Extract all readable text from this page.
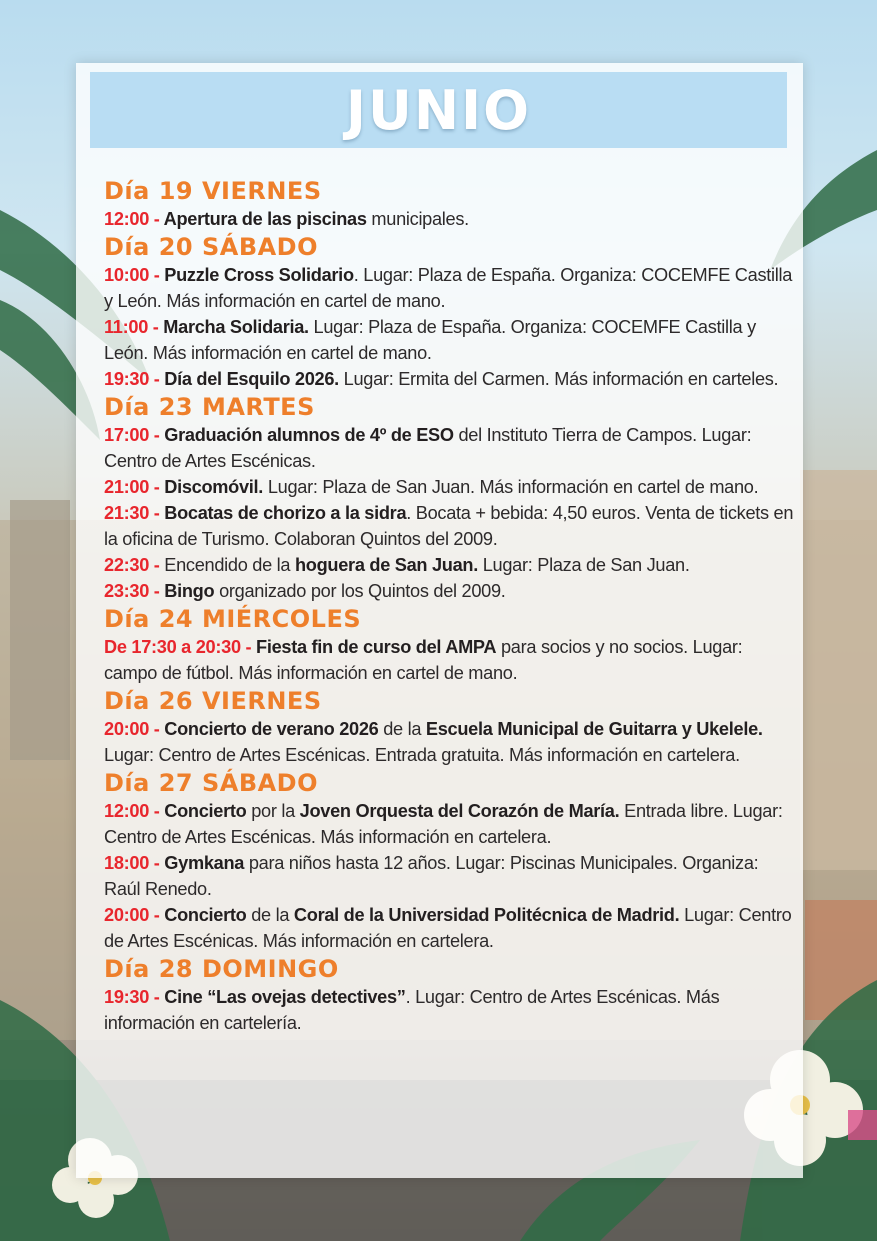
JUNIO
Día 19 VIERNES

12:00 - Apertura de las piscinas municipales.

Día 20 SÁBADO

10:00 - Puzzle Cross Solidario. Lugar: Plaza de España. Organiza: COCEMFE Castilla y León. Más información en cartel de mano.

11:00 - Marcha Solidaria. Lugar: Plaza de España. Organiza: COCEMFE Castilla y León. Más información en cartel de mano.

19:30 - Día del Esquilo 2026. Lugar: Ermita del Carmen. Más información en carteles.

Día 23 MARTES

17:00 - Graduación alumnos de 4º de ESO del Instituto Tierra de Campos. Lugar: Centro de Artes Escénicas.

21:00 - Discomóvil. Lugar: Plaza de San Juan. Más información en cartel de mano.

21:30 - Bocatas de chorizo a la sidra. Bocata + bebida: 4,50 euros. Venta de tickets en la oficina de Turismo. Colaboran Quintos del 2009.

22:30 - Encendido de la hoguera de San Juan. Lugar: Plaza de San Juan.

23:30 - Bingo organizado por los Quintos del 2009.

Día 24 MIÉRCOLES

De 17:30 a 20:30 - Fiesta fin de curso del AMPA para socios y no socios. Lugar: campo de fútbol. Más información en cartel de mano.

Día 26 VIERNES

20:00 - Concierto de verano 2026 de la Escuela Municipal de Guitarra y Ukelele. Lugar: Centro de Artes Escénicas. Entrada gratuita. Más información en cartelera.

Día 27 SÁBADO

12:00 - Concierto por la Joven Orquesta del Corazón de María. Entrada libre. Lugar: Centro de Artes Escénicas. Más información en cartelera.

18:00 - Gymkana para niños hasta 12 años. Lugar: Piscinas Municipales. Organiza: Raúl Renedo.

20:00 - Concierto de la Coral de la Universidad Politécnica de Madrid. Lugar: Centro de Artes Escénicas. Más información en cartelera.

Día 28 DOMINGO

19:30 - Cine “Las ovejas detectives”. Lugar: Centro de Artes Escénicas. Más información en cartelería.
